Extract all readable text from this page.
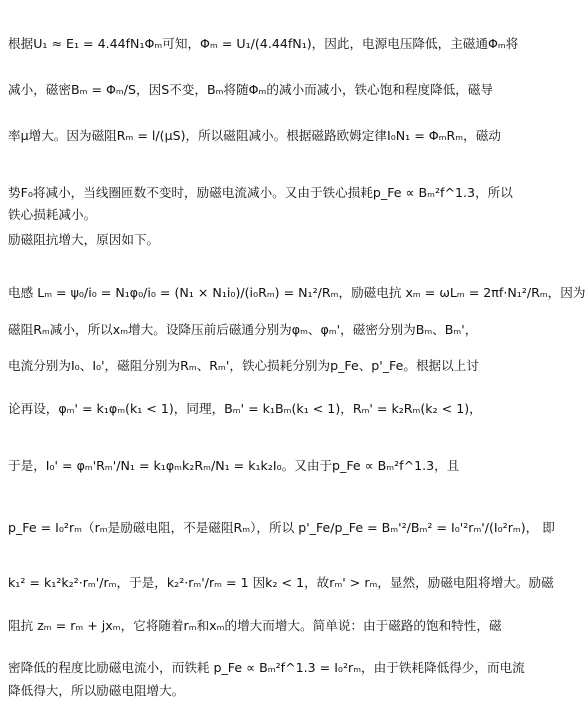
根据U₁ ≈ E₁ = 4.44fN₁Φₘ可知，Φₘ = U₁/(4.44fN₁)，因此，电源电压降低，主磁通Φₘ将
减小，磁密Bₘ = Φₘ/S，因S不变，Bₘ将随Φₘ的减小而减小，铁心饱和程度降低，磁导
率μ增大。因为磁阻Rₘ = l/(μS)，所以磁阻减小。根据磁路欧姆定律I₀N₁ = ΦₘRₘ，磁动
势F₀将减小，当线圈匝数不变时，励磁电流减小。又由于铁心损耗p_Fe ∝ Bₘ²f^1.3，所以
铁心损耗减小。
励磁阻抗增大，原因如下。
电感 Lₘ = ψ₀/i₀ = N₁φ₀/i₀ = (N₁ × N₁i₀)/(i₀Rₘ) = N₁²/Rₘ，励磁电抗 xₘ = ωLₘ = 2πf·N₁²/Rₘ，因为
磁阻Rₘ减小，所以xₘ增大。设降压前后磁通分别为φₘ、φₘ'，磁密分别为Bₘ、Bₘ'，
电流分别为I₀、I₀'，磁阻分别为Rₘ、Rₘ'，铁心损耗分别为p_Fe、p'_Fe。根据以上讨
论再设，φₘ' = k₁φₘ(k₁ < 1)，同理，Bₘ' = k₁Bₘ(k₁ < 1)，Rₘ' = k₂Rₘ(k₂ < 1)，
于是，I₀' = φₘ'Rₘ'/N₁ = k₁φₘk₂Rₘ/N₁ = k₁k₂I₀。又由于p_Fe ∝ Bₘ²f^1.3，且
p_Fe = I₀²rₘ（rₘ是励磁电阻，不是磁阻Rₘ），所以 p'_Fe/p_Fe = Bₘ'²/Bₘ² = I₀'²rₘ'/(I₀²rₘ)， 即
k₁² = k₁²k₂²·rₘ'/rₘ，于是，k₂²·rₘ'/rₘ = 1 因k₂ < 1，故rₘ' > rₘ，显然，励磁电阻将增大。励磁
阻抗 zₘ = rₘ + jxₘ，它将随着rₘ和xₘ的增大而增大。简单说：由于磁路的饱和特性，磁
密降低的程度比励磁电流小，而铁耗 p_Fe ∝ Bₘ²f^1.3 = I₀²rₘ，由于铁耗降低得少，而电流
降低得大，所以励磁电阻增大。
